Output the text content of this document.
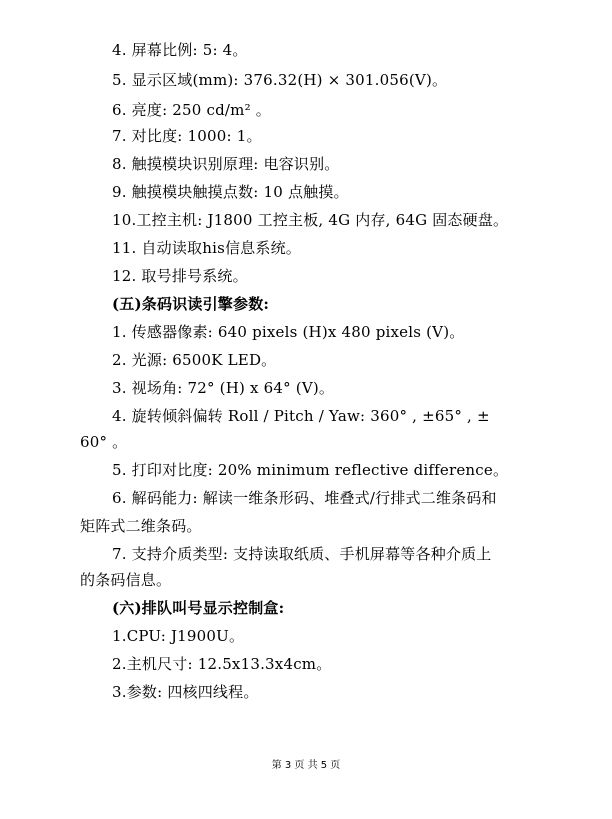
4. 屏幕比例: 5: 4。
5. 显示区域(mm): 376.32(H) × 301.056(V)。
6. 亮度: 250 cd/m² 。
7. 对比度: 1000: 1。
8. 触摸模块识别原理: 电容识别。
9. 触摸模块触摸点数: 10 点触摸。
10.工控主机: J1800 工控主板, 4G 内存, 64G 固态硬盘。
11. 自动读取his信息系统。
12. 取号排号系统。
(五)条码识读引擎参数:
1. 传感器像素: 640 pixels (H)x 480 pixels (V)。
2. 光源: 6500K LED。
3. 视场角: 72° (H) x 64° (V)。
4. 旋转倾斜偏转 Roll / Pitch / Yaw: 360° , ±65° , ±
60° 。
5. 打印对比度: 20% minimum reflective difference。
6. 解码能力: 解读一维条形码、堆叠式/行排式二维条码和
矩阵式二维条码。
7. 支持介质类型: 支持读取纸质、手机屏幕等各种介质上
的条码信息。
(六)排队叫号显示控制盒:
1.CPU: J1900U。
2.主机尺寸: 12.5x13.3x4cm。
3.参数: 四核四线程。
第 3 页 共 5 页
